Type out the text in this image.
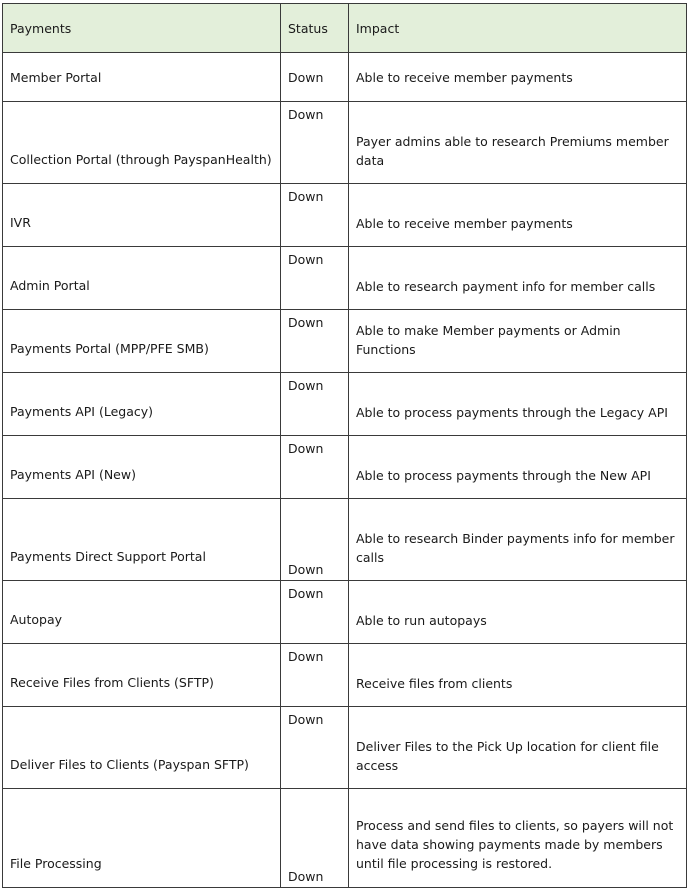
Payments	Status	Impact
Member Portal	Down	Able to receive member payments
Collection Portal (through PayspanHealth)	Down	Payer admins able to research Premiums member data
IVR	Down	Able to receive member payments
Admin Portal	Down	Able to research payment info for member calls
Payments Portal (MPP/PFE SMB)	Down	Able to make Member payments or Admin Functions
Payments API (Legacy)	Down	Able to process payments through the Legacy API
Payments API (New)	Down	Able to process payments through the New API
Payments Direct Support Portal	Down	Able to research Binder payments info for member calls
Autopay	Down	Able to run autopays
Receive Files from Clients (SFTP)	Down	Receive files from clients
Deliver Files to Clients (Payspan SFTP)	Down	Deliver Files to the Pick Up location for client file access
File Processing	Down	Process and send files to clients, so payers will not have data showing payments made by members until file processing is restored.
